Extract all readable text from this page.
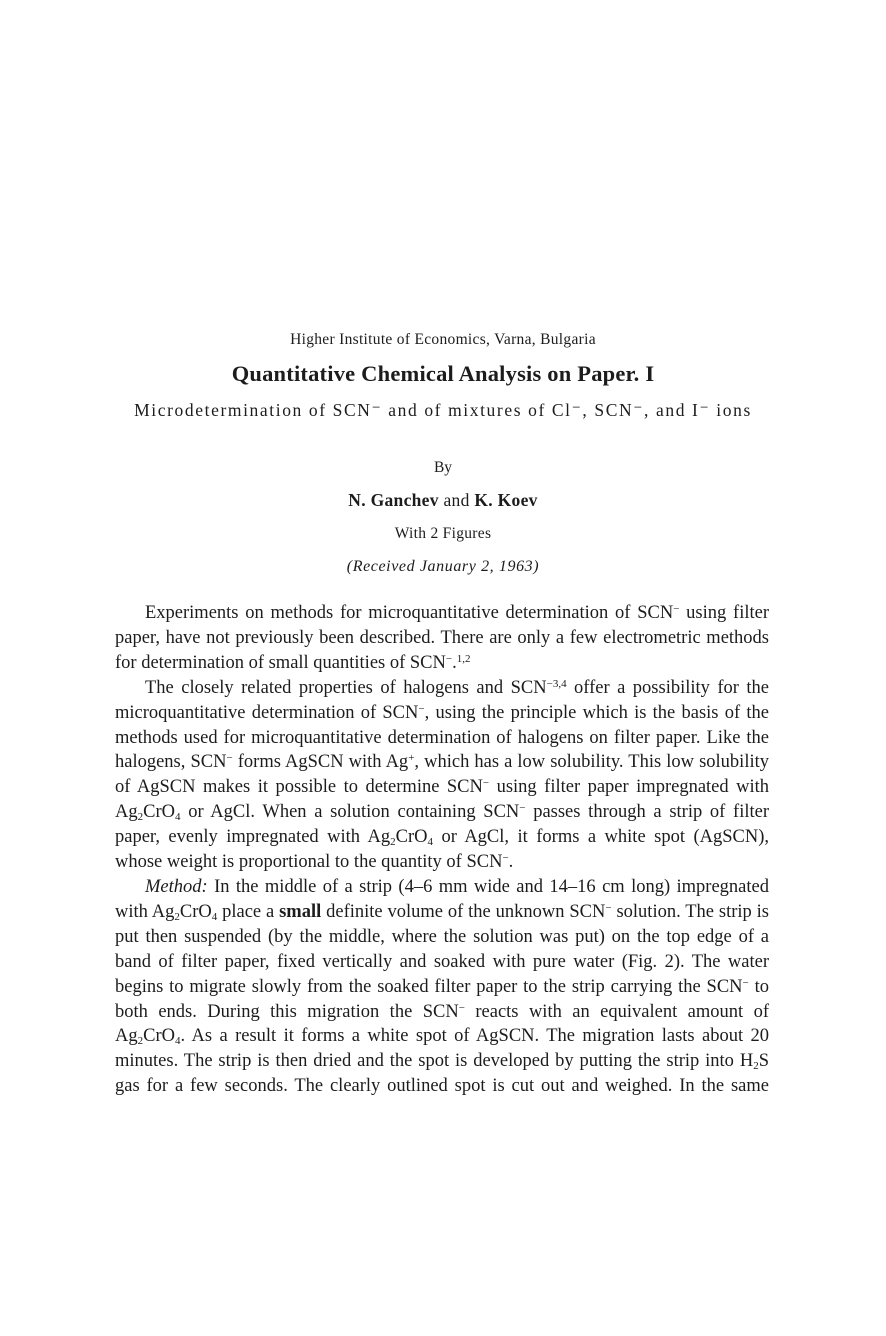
Higher Institute of Economics, Varna, Bulgaria
Quantitative Chemical Analysis on Paper. I
Microdetermination of SCN⁻ and of mixtures of Cl⁻, SCN⁻, and I⁻ ions
By
N. Ganchev and K. Koev
With 2 Figures
(Received January 2, 1963)

Experiments on methods for microquantitative determination of SCN− using filter paper, have not previously been described. There are only a few electrometric methods for determination of small quantities of SCN−.$^{1,2}$

The closely related properties of halogens and $SCN^{-3,4}$ offer a possibility for the microquantitative determination of SCN−, using the principle which is the basis of the methods used for microquantitative determination of halogens on filter paper. Like the halogens, SCN− forms AgSCN with Ag+, which has a low solubility. This low solubility of AgSCN makes it possible to determine SCN− using filter paper impregnated with $Ag_2CrO_4$ or AgCl. When a solution containing SCN− passes through a strip of filter paper, evenly impregnated with $Ag_2CrO_4$ or AgCl, it forms a white spot (AgSCN), whose weight is proportional to the quantity of SCN−.

Method: In the middle of a strip (4–6 mm wide and 14–16 cm long) impregnated with $Ag_2CrO_4$ place a small definite volume of the unknown SCN− solution. The strip is put then suspended (by the middle, where the solution was put) on the top edge of a band of filter paper, fixed vertically and soaked with pure water (Fig. 2). The water begins to migrate slowly from the soaked filter paper to the strip carrying the SCN− to both ends. During this migration the SCN− reacts with an equivalent amount of $Ag_2CrO_4$. As a result it forms a white spot of AgSCN. The migration lasts about 20 minutes. The strip is then dried and the spot is developed by putting the strip into $H_2S$ gas for a few seconds. The clearly outlined spot is cut out and weighed. In the same
